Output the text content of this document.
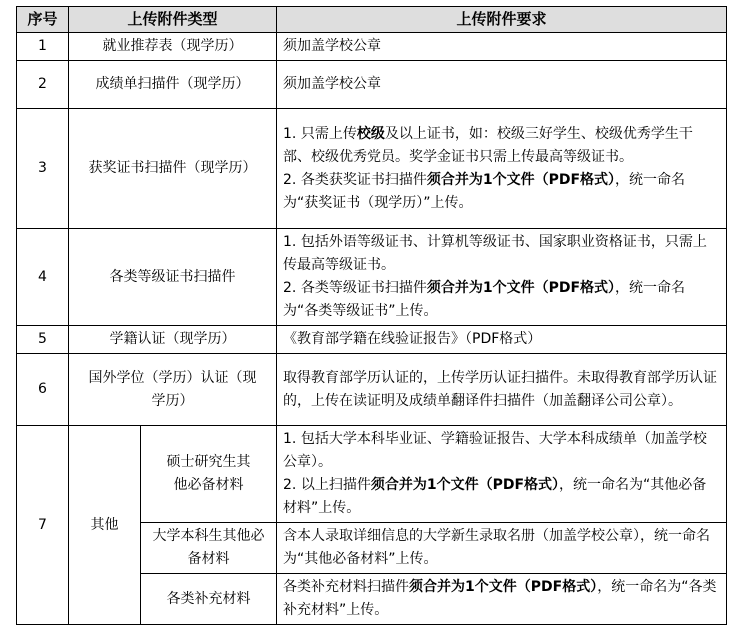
序号	上传附件类型		上传附件要求
1	就业推荐表（现学历）		须加盖学校公章
2	成绩单扫描件（现学历）		须加盖学校公章
3	获奖证书扫描件（现学历）		1. 只需上传校级及以上证书，如：校级三好学生、校级优秀学生干部、校级优秀党员。奖学金证书只需上传最高等级证书。
2. 各类获奖证书扫描件须合并为1个文件（PDF格式），统一命名为“获奖证书（现学历）”上传。

4	各类等级证书扫描件		1. 包括外语等级证书、计算机等级证书、国家职业资格证书，只需上传最高等级证书。
2. 各类等级证书扫描件须合并为1个文件（PDF格式），统一命名为“各类等级证书”上传。

5	学籍认证（现学历）		《教育部学籍在线验证报告》（PDF格式）
6	国外学位（学历）认证（现学历）		取得教育部学历认证的，上传学历认证扫描件。未取得教育部学历认证的，上传在读证明及成绩单翻译件扫描件（加盖翻译公司公章）。
7	其他	硕士研究生其他必备材料	1. 包括大学本科毕业证、学籍验证报告、大学本科成绩单（加盖学校公章）。
2. 以上扫描件须合并为1个文件（PDF格式），统一命名为“其他必备材料”上传。

		大学本科生其他必备材料	含本人录取详细信息的大学新生录取名册（加盖学校公章），统一命名为“其他必备材料”上传。
		各类补充材料	各类补充材料扫描件须合并为1个文件（PDF格式），统一命名为“各类补充材料”上传。
